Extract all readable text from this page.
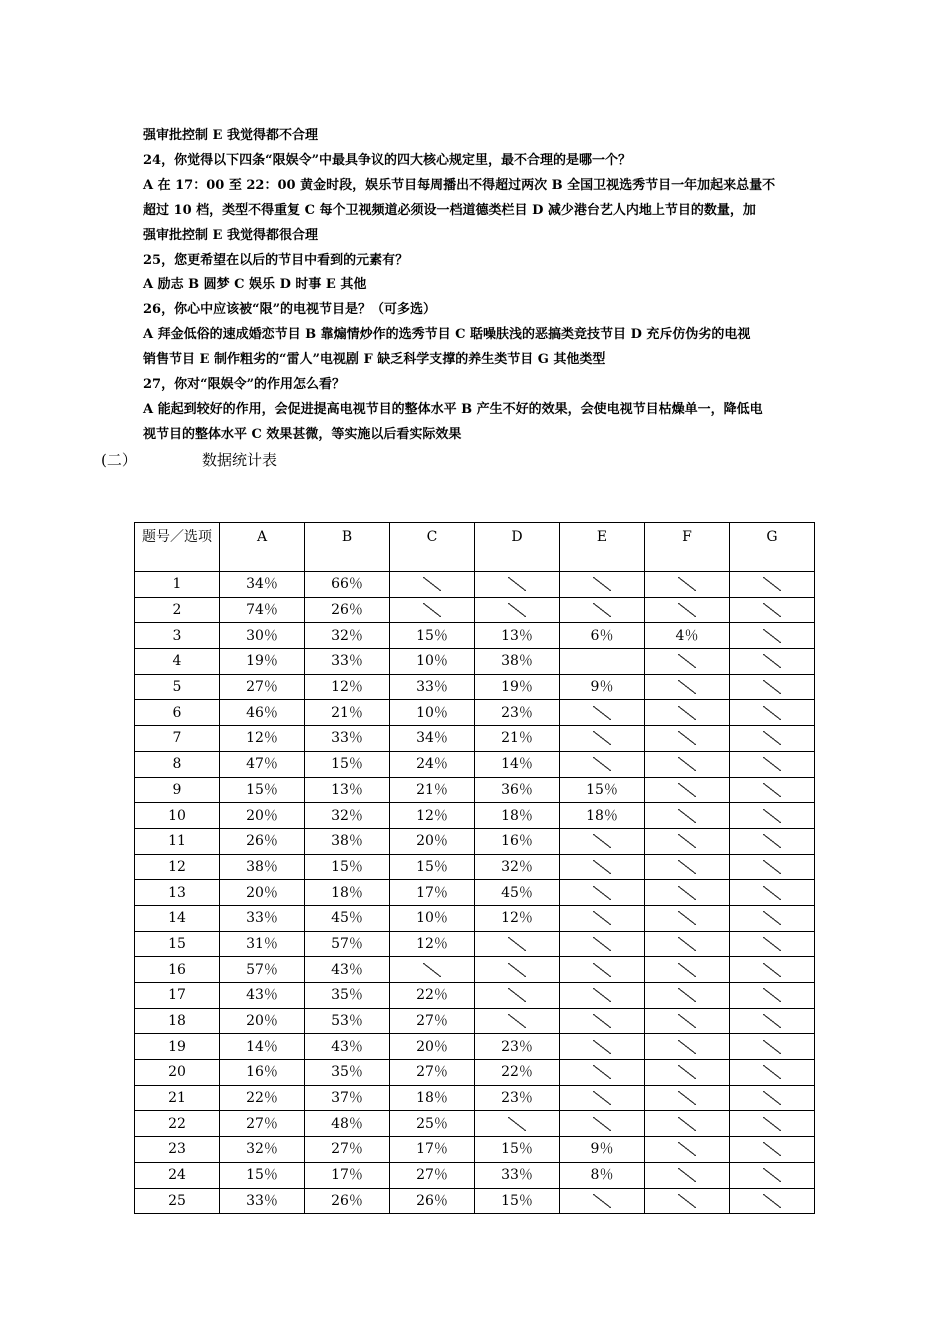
强审批控制 E 我觉得都不合理
24，你觉得以下四条“限娱令”中最具争议的四大核心规定里，最不合理的是哪一个？
A 在 17：00 至 22：00 黄金时段，娱乐节目每周播出不得超过两次 B 全国卫视选秀节目一年加起来总量不
超过 10 档，类型不得重复 C 每个卫视频道必须设一档道德类栏目 D 减少港台艺人内地上节目的数量，加
强审批控制 E 我觉得都很合理
25，您更希望在以后的节目中看到的元素有？
A 励志 B 圆梦 C 娱乐 D 时事 E 其他
26，你心中应该被“限”的电视节目是？（可多选）
A 拜金低俗的速成婚恋节目 B 靠煽情炒作的选秀节目 C 聒噪肤浅的恶搞类竞技节目 D 充斥仿伪劣的电视
销售节目 E 制作粗劣的“雷人”电视剧 F 缺乏科学支撑的养生类节目 G 其他类型
27，你对“限娱令”的作用怎么看？
A 能起到较好的作用，会促进提高电视节目的整体水平 B 产生不好的效果，会使电视节目枯燥单一，降低电
视节目的整体水平 C 效果甚微，等实施以后看实际效果
(二）	数据统计表
题号／选项	A	B	C	D	E	F	G
1	34％	66％					
2	74％	26％					
3	30％	32％	15％	13％	6％	4％	
4	19％	33％	10％	38％			
5	27％	12％	33％	19％	9％		
6	46％	21％	10％	23％			
7	12％	33％	34％	21％			
8	47％	15％	24％	14％			
9	15％	13％	21％	36％	15％		
10	20％	32％	12％	18％	18％		
11	26％	38％	20％	16％			
12	38％	15％	15％	32％			
13	20％	18％	17％	45％			
14	33％	45％	10％	12％			
15	31％	57％	12％				
16	57％	43％					
17	43％	35％	22％				
18	20％	53％	27％				
19	14％	43％	20％	23％			
20	16％	35％	27％	22％			
21	22％	37％	18％	23％			
22	27％	48％	25％				
23	32％	27％	17％	15％	9％		
24	15％	17％	27％	33％	8％		
25	33％	26％	26％	15％			
